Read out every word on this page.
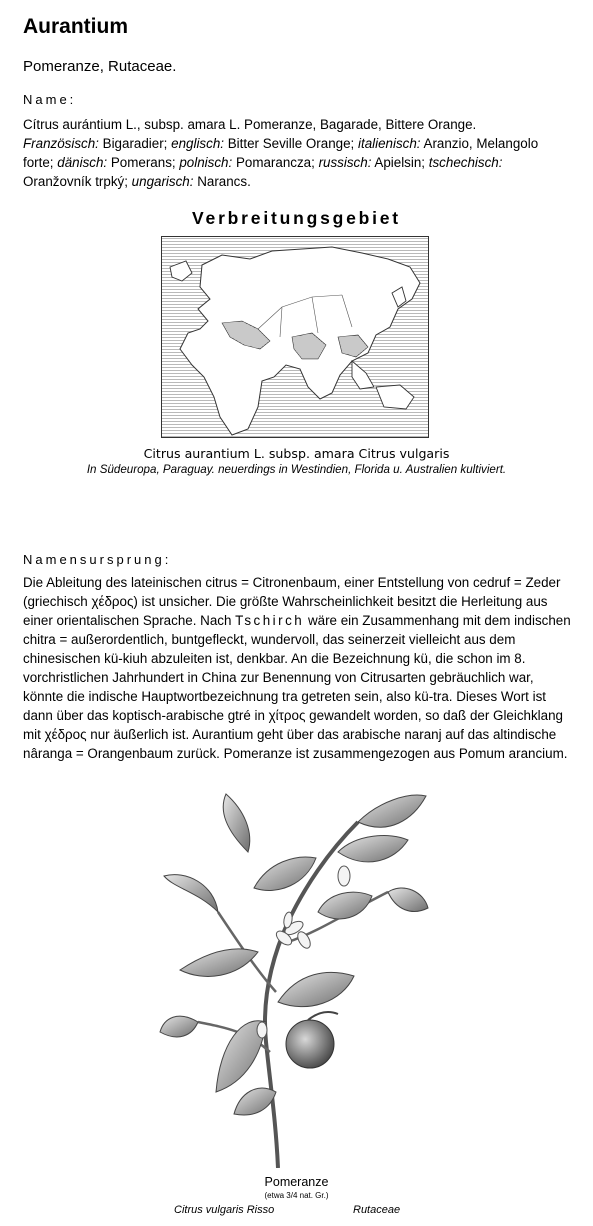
Aurantium
Pomeranze, Rutaceae.
Name:

Cítrus aurántium L., subsp. amara L. Pomeranze, Bagarade, Bittere Orange.
Französisch: Bigaradier; englisch: Bitter Seville Orange; italienisch: Aranzio, Melangolo forte; dänisch: Pomerans; polnisch: Pomarancza; russisch: Apielsin; tschechisch: Oranžovník trpký; ungarisch: Narancs.

Verbreitungsgebiet
Citrus aurantium L. subsp. amara Citrus vulgaris
In Südeuropa, Paraguay. neuerdings in Westindien, Florida u. Australien kultiviert.
Namensursprung:

Die Ableitung des lateinischen citrus = Citronenbaum, einer Entstellung von cedruf = Zeder (griechisch χέδρος) ist unsicher. Die größte Wahrscheinlichkeit besitzt die Herleitung aus einer orientalischen Sprache. Nach Tschirch wäre ein Zusammenhang mit dem indischen chitra = außerordentlich, buntgefleckt, wundervoll, das seinerzeit vielleicht aus dem chinesischen kü-kiuh abzuleiten ist, denkbar. An die Bezeichnung kü, die schon im 8. vorchristlichen Jahrhundert in China zur Benennung von Citrusarten gebräuchlich war, könnte die indische Hauptwortbezeichnung tra getreten sein, also kü-tra. Dieses Wort ist dann über das koptisch-arabische gtré in χίτρος gewandelt worden, so daß der Gleichklang mit χέδρος nur äußerlich ist. Aurantium geht über das arabische naranj auf das altindische nâranga = Orangenbaum zurück. Pomeranze ist zusammengezogen aus Pomum arancium.

Pomeranze
(etwa 3/4 nat. Gr.)
Citrus vulgaris Risso	Rutaceae
